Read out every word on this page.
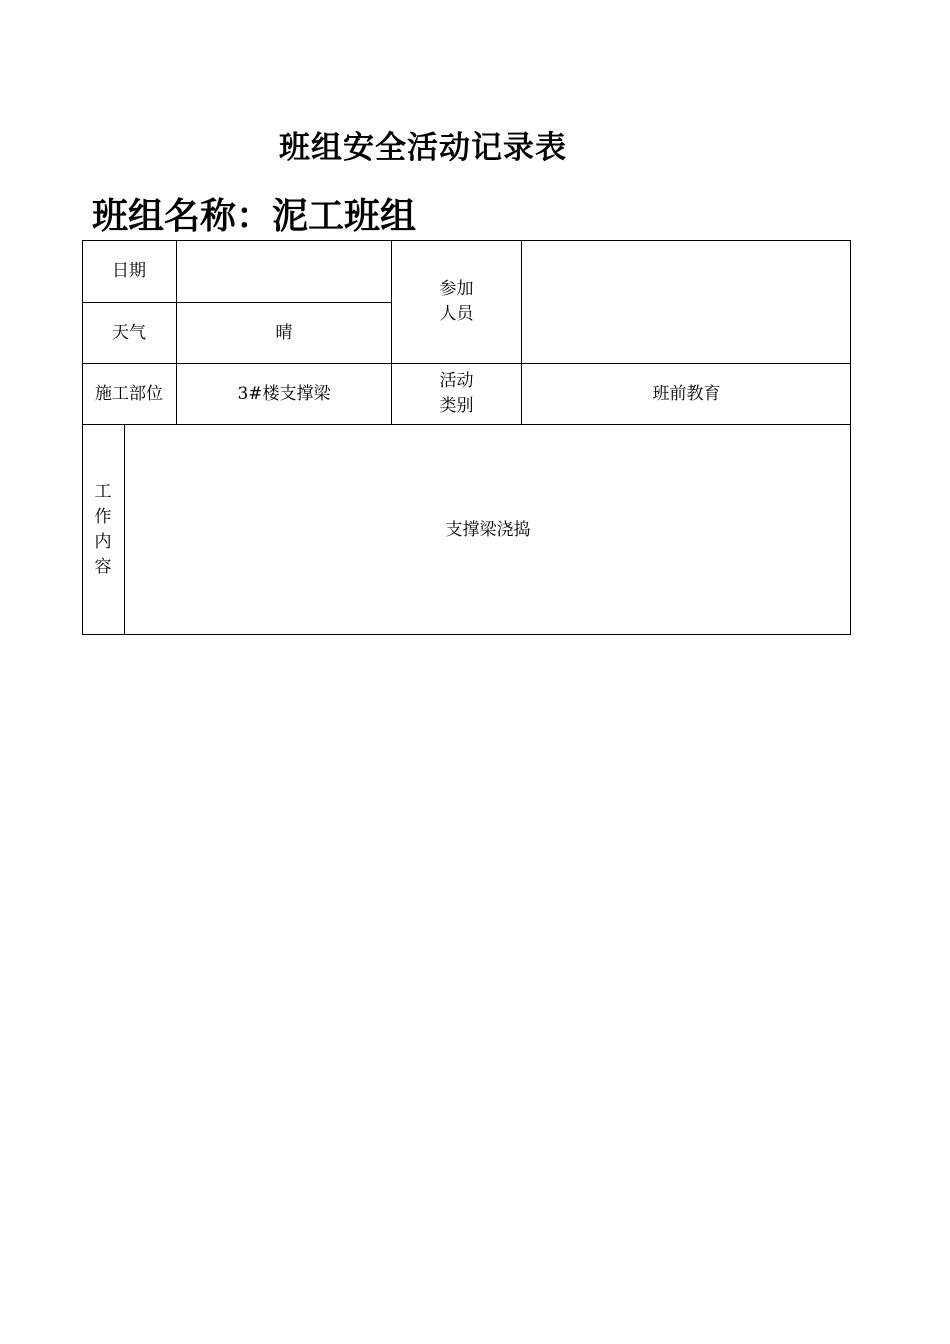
班组安全活动记录表
班组名称：泥工班组
日期
天气	晴
参加
人员
施工部位	3#楼支撑梁
活动
类别
班前教育
工
作
内
容
支撑梁浇捣
